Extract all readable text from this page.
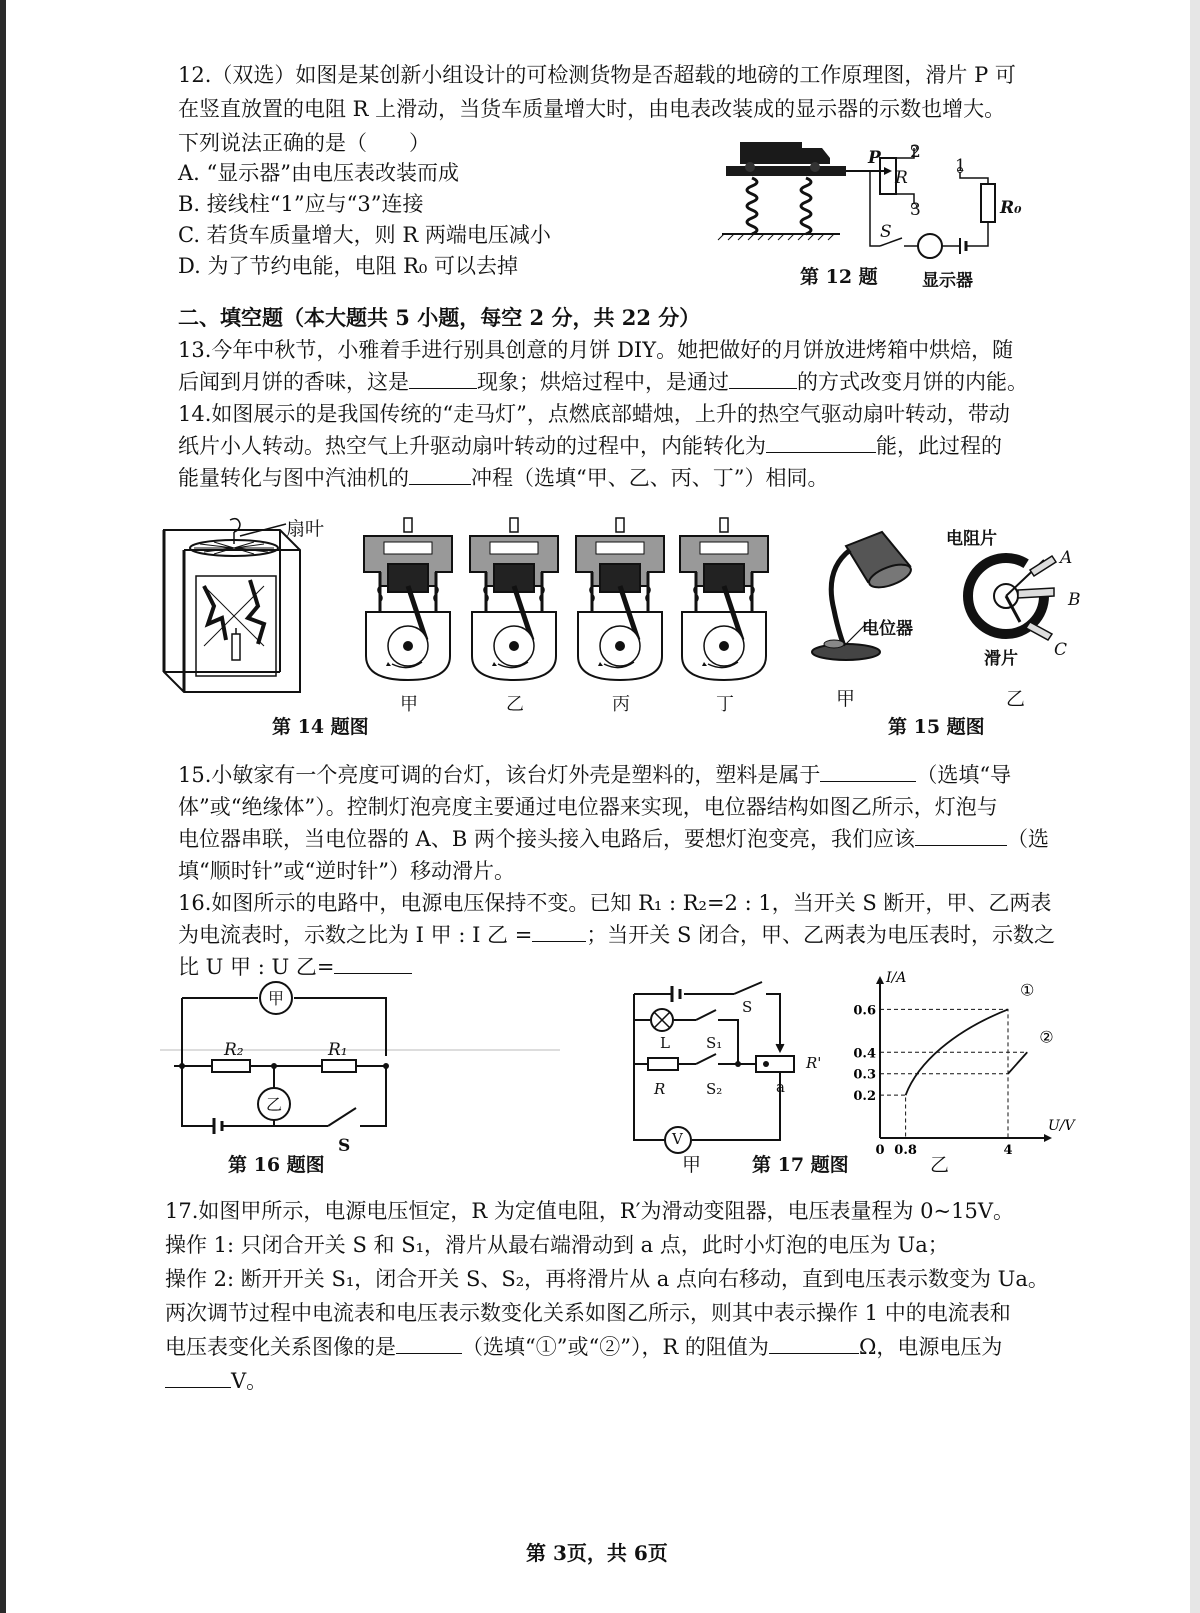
12.（双选）如图是某创新小组设计的可检测货物是否超载的地磅的工作原理图，滑片 P 可
在竖直放置的电阻 R 上滑动，当货车质量增大时，由电表改装成的显示器的示数也增大。
下列说法正确的是（　　）
A. “显示器”由电压表改装而成
B. 接线柱“1”应与“3”连接
C. 若货车质量增大，则 R 两端电压减小
D. 为了节约电能，电阻 R₀ 可以去掉
P
R
2
3
1
R₀
S
第 12 题	显示器
二、填空题（本大题共 5 小题，每空 2 分，共 22 分）
13.今年中秋节，小雅着手进行别具创意的月饼 DIY。她把做好的月饼放进烤箱中烘焙，随
后闻到月饼的香味，这是	现象；烘焙过程中，是通过	的方式改变月饼的内能。
14.如图展示的是我国传统的“走马灯”，点燃底部蜡烛，上升的热空气驱动扇叶转动，带动
纸片小人转动。热空气上升驱动扇叶转动的过程中，内能转化为	能，此过程的
能量转化与图中汽油机的	冲程（选填“甲、乙、丙、丁”）相同。
扇叶
第 14 题图
甲	乙	丙	丁
电位器
甲
电阻片
A
B
C
滑片
乙
第 15 题图
15.小敏家有一个亮度可调的台灯，该台灯外壳是塑料的，塑料是属于	（选填“导
体”或“绝缘体”）。控制灯泡亮度主要通过电位器来实现，电位器结构如图乙所示，灯泡与
电位器串联，当电位器的 A、B 两个接头接入电路后，要想灯泡变亮，我们应该	（选
填“顺时针”或“逆时针”）移动滑片。
16.如图所示的电路中，电源电压保持不变。已知 R₁ : R₂=2 : 1，当开关 S 断开，甲、乙两表
为电流表时，示数之比为 I 甲 : I 乙 =	；当开关 S 闭合，甲、乙两表为电压表时，示数之
比 U 甲 : U 乙=
甲
乙
R₂	R₁
S
第 16 题图
S
L S₁
R	S₂
R'
a
V
甲	第 17 题图	乙
I/A
U/V
0.6
0.4
0.3
0.2
0 0.8	4
①
②
17.如图甲所示，电源电压恒定，R 为定值电阻，R′为滑动变阻器，电压表量程为 0~15V。
操作 1: 只闭合开关 S 和 S₁，滑片从最右端滑动到 a 点，此时小灯泡的电压为 Ua；
操作 2: 断开开关 S₁，闭合开关 S、S₂，再将滑片从 a 点向右移动，直到电压表示数变为 Ua。
两次调节过程中电流表和电压表示数变化关系如图乙所示，则其中表示操作 1 中的电流表和
电压表变化关系图像的是	（选填“①”或“②”），R 的阻值为	Ω，电源电压为
V。
第 3页，共 6页
